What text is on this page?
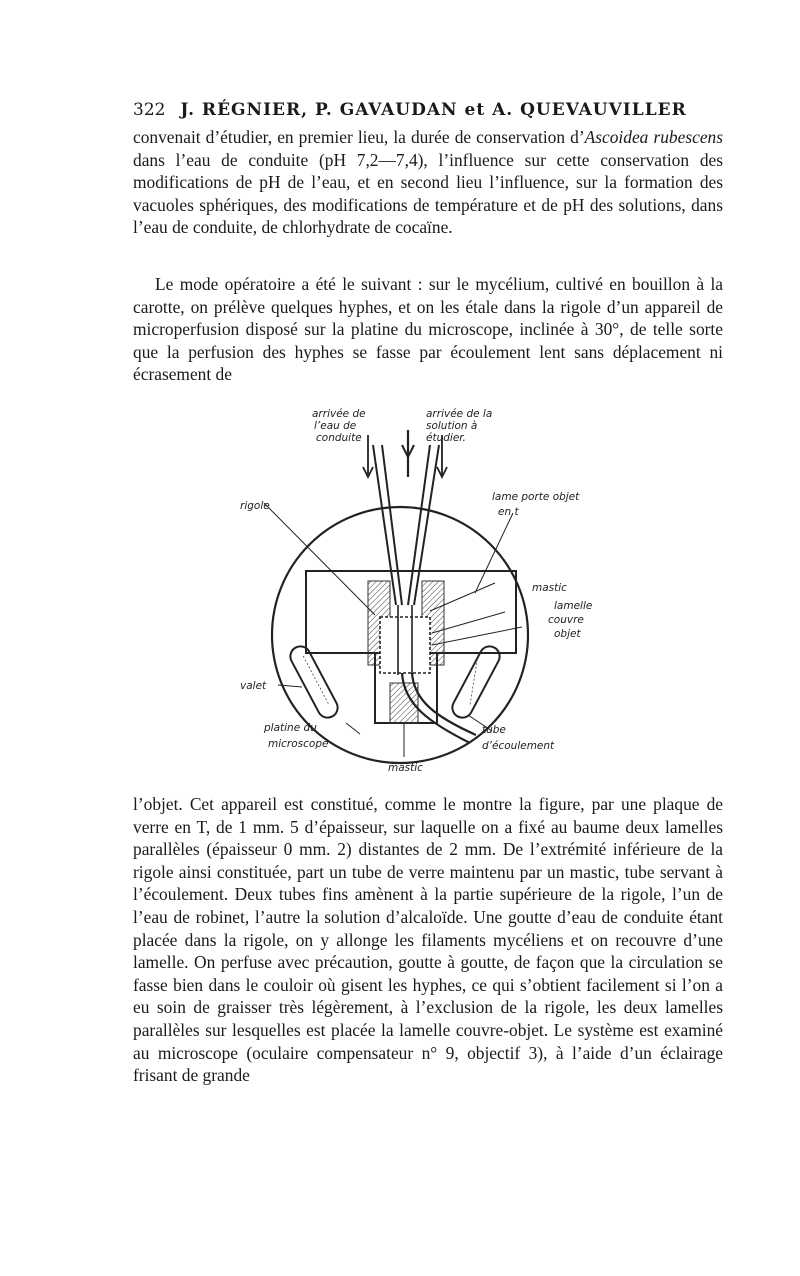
322 J. RÉGNIER, P. GAVAUDAN et A. QUEVAUVILLER

convenait d’étudier, en premier lieu, la durée de conservation d’Ascoidea rubescens dans l’eau de conduite (pH 7,2—7,4), l’influence sur cette conservation des modifications de pH de l’eau, et en second lieu l’influence, sur la formation des vacuoles sphériques, des modifications de température et de pH des solutions, dans l’eau de conduite, de chlorhydrate de cocaïne.

Le mode opératoire a été le suivant : sur le mycélium, cultivé en bouillon à la carotte, on prélève quelques hyphes, et on les étale dans la rigole d’un appareil de microperfusion disposé sur la platine du microscope, inclinée à 30°, de telle sorte que la perfusion des hyphes se fasse par écoulement lent sans déplacement ni écrasement de

arrivée de l’eau de conduite
arrivée de la solution à étudier.
lame porte objet en t
rigole
mastic
lamelle couvre objet
valet
platine du microscope
tube d’écoulement
mastic

l’objet. Cet appareil est constitué, comme le montre la figure, par une plaque de verre en T, de 1 mm. 5 d’épaisseur, sur laquelle on a fixé au baume deux lamelles parallèles (épaisseur 0 mm. 2) distantes de 2 mm. De l’extrémité inférieure de la rigole ainsi constituée, part un tube de verre maintenu par un mastic, tube servant à l’écoulement. Deux tubes fins amènent à la partie supérieure de la rigole, l’un de l’eau de robinet, l’autre la solution d’alcaloïde. Une goutte d’eau de conduite étant placée dans la rigole, on y allonge les filaments mycéliens et on recouvre d’une lamelle. On perfuse avec précaution, goutte à goutte, de façon que la circulation se fasse bien dans le couloir où gisent les hyphes, ce qui s’obtient facilement si l’on a eu soin de graisser très légèrement, à l’exclusion de la rigole, les deux lamelles parallèles sur lesquelles est placée la lamelle couvre-objet. Le système est examiné au microscope (oculaire compensateur n° 9, objectif 3), à l’aide d’un éclairage frisant de grande
